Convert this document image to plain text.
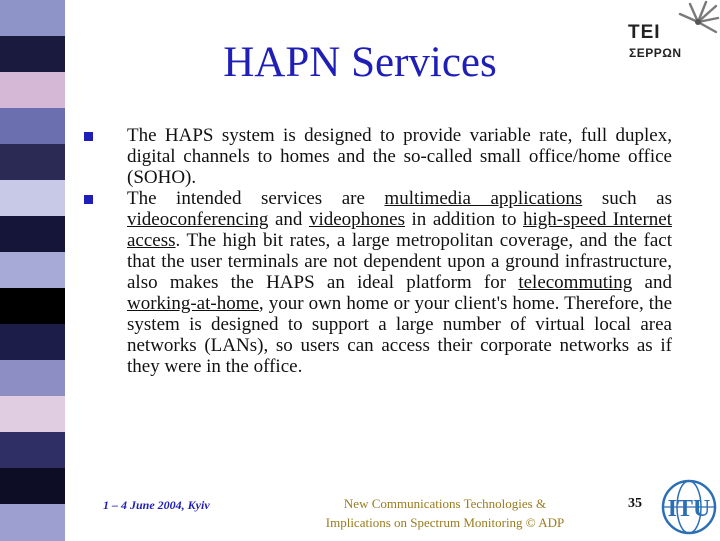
HAPN Services
TEI
ΣΕΡΡΩΝ
The HAPS system is designed to provide variable rate, full duplex, digital channels to homes and the so-called small office/home office (SOHO).
The intended services are multimedia applications such as videoconferencing and videophones in addition to high-speed Internet access. The high bit rates, a large metropolitan coverage, and the fact that the user terminals are not dependent upon a ground infrastructure, also makes the HAPS an ideal platform for telecommuting and working-at-home, your own home or your client's home. Therefore, the system is designed to support a large number of virtual local area networks (LANs), so users can access their corporate networks as if they were in the office.
1 – 4 June 2004, Kyiv	New Communications Technologies &
Implications on Spectrum Monitoring © ADP
35 ITU
